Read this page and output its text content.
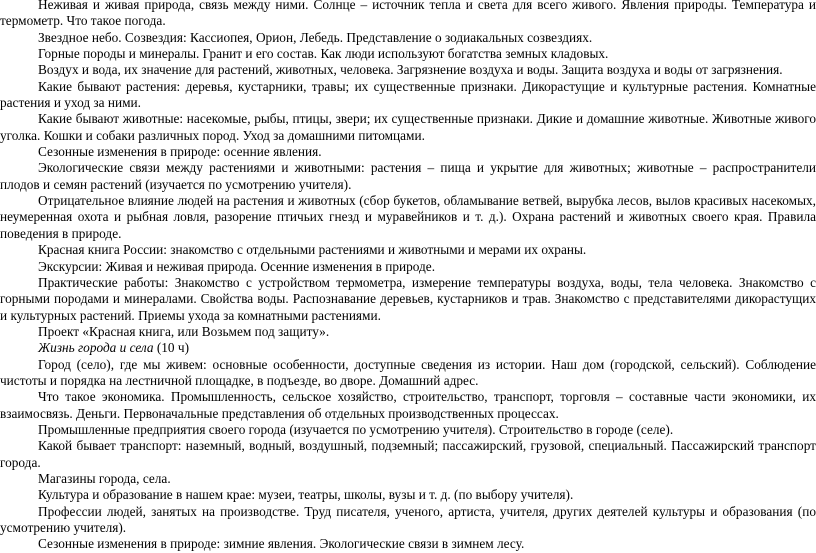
Неживая и живая природа, связь между ними. Солнце – источник тепла и света для всего живого. Явления природы. Температура и термометр. Что такое погода.

Звездное небо. Созвездия: Кассиопея, Орион, Лебедь. Представление о зодиакальных созвездиях.

Горные породы и минералы. Гранит и его состав. Как люди используют богатства земных кладовых.

Воздух и вода, их значение для растений, животных, человека. Загрязнение воздуха и воды. Защита воздуха и воды от загрязнения.

Какие бывают растения: деревья, кустарники, травы; их существенные признаки. Дикорастущие и культурные растения. Комнатные растения и уход за ними.

Какие бывают животные: насекомые, рыбы, птицы, звери; их существенные признаки. Дикие и домашние животные. Животные живого уголка. Кошки и собаки различных пород. Уход за домашними питомцами.

Сезонные изменения в природе: осенние явления.

Экологические связи между растениями и животными: растения – пища и укрытие для животных; животные – распространители плодов и семян растений (изучается по усмотрению учителя).

Отрицательное влияние людей на растения и животных (сбор букетов, обламывание ветвей, вырубка лесов, вылов красивых насекомых, неумеренная охота и рыбная ловля, разорение птичьих гнезд и муравейников и т. д.). Охрана растений и животных своего края. Правила поведения в природе.

Красная книга России: знакомство с отдельными растениями и животными и мерами их охраны.

Экскурсии: Живая и неживая природа. Осенние изменения в природе.

Практические работы: Знакомство с устройством термометра, измерение температуры воздуха, воды, тела человека. Знакомство с горными породами и минералами. Свойства воды. Распознавание деревьев, кустарников и трав. Знакомство с представителями дикорастущих и культурных растений. Приемы ухода за комнатными растениями.

Проект «Красная книга, или Возьмем под защиту».

Жизнь города и села (10 ч)

Город (село), где мы живем: основные особенности, доступные сведения из истории. Наш дом (городской, сельский). Соблюдение чистоты и порядка на лестничной площадке, в подъезде, во дворе. Домашний адрес.

Что такое экономика. Промышленность, сельское хозяйство, строительство, транспорт, торговля – составные части экономики, их взаимосвязь. Деньги. Первоначальные представления об отдельных производственных процессах.

Промышленные предприятия своего города (изучается по усмотрению учителя). Строительство в городе (селе).

Какой бывает транспорт: наземный, водный, воздушный, подземный; пассажирский, грузовой, специальный. Пассажирский транспорт города.

Магазины города, села.

Культура и образование в нашем крае: музеи, театры, школы, вузы и т. д. (по выбору учителя).

Профессии людей, занятых на производстве. Труд писателя, ученого, артиста, учителя, других деятелей культуры и образования (по усмотрению учителя).

Сезонные изменения в природе: зимние явления. Экологические связи в зимнем лесу.
